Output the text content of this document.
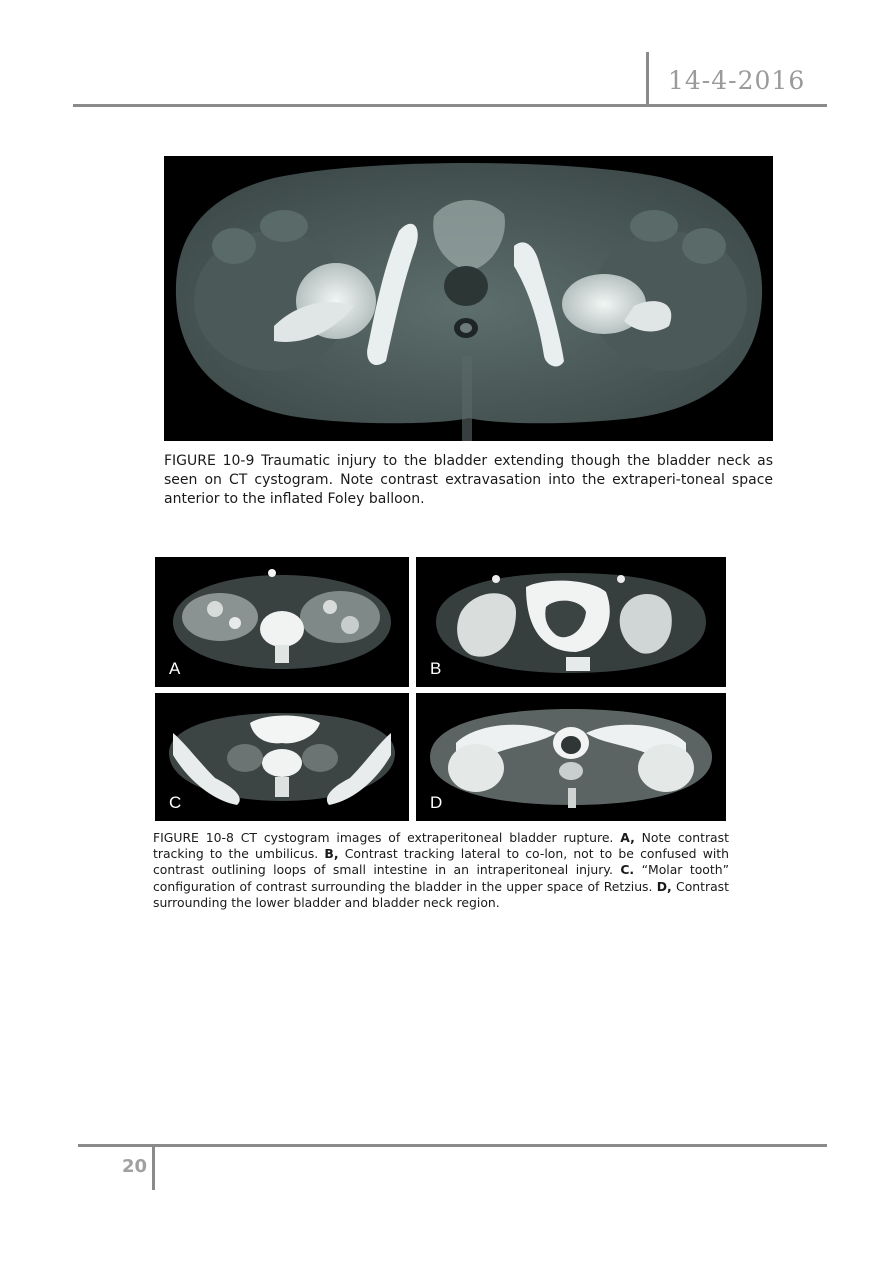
14-4-2016
FIGURE 10-9 Traumatic injury to the bladder extending though the bladder neck as seen on CT cystogram. Note contrast extravasation into the extraperi-toneal space anterior to the inflated Foley balloon.
A	B
C	D
FIGURE 10-8 CT cystogram images of extraperitoneal bladder rupture. A, Note contrast tracking to the umbilicus. B, Contrast tracking lateral to co-lon, not to be confused with contrast outlining loops of small intestine in an intraperitoneal injury. C. “Molar tooth” configuration of contrast surrounding the bladder in the upper space of Retzius. D, Contrast surrounding the lower bladder and bladder neck region.
20
